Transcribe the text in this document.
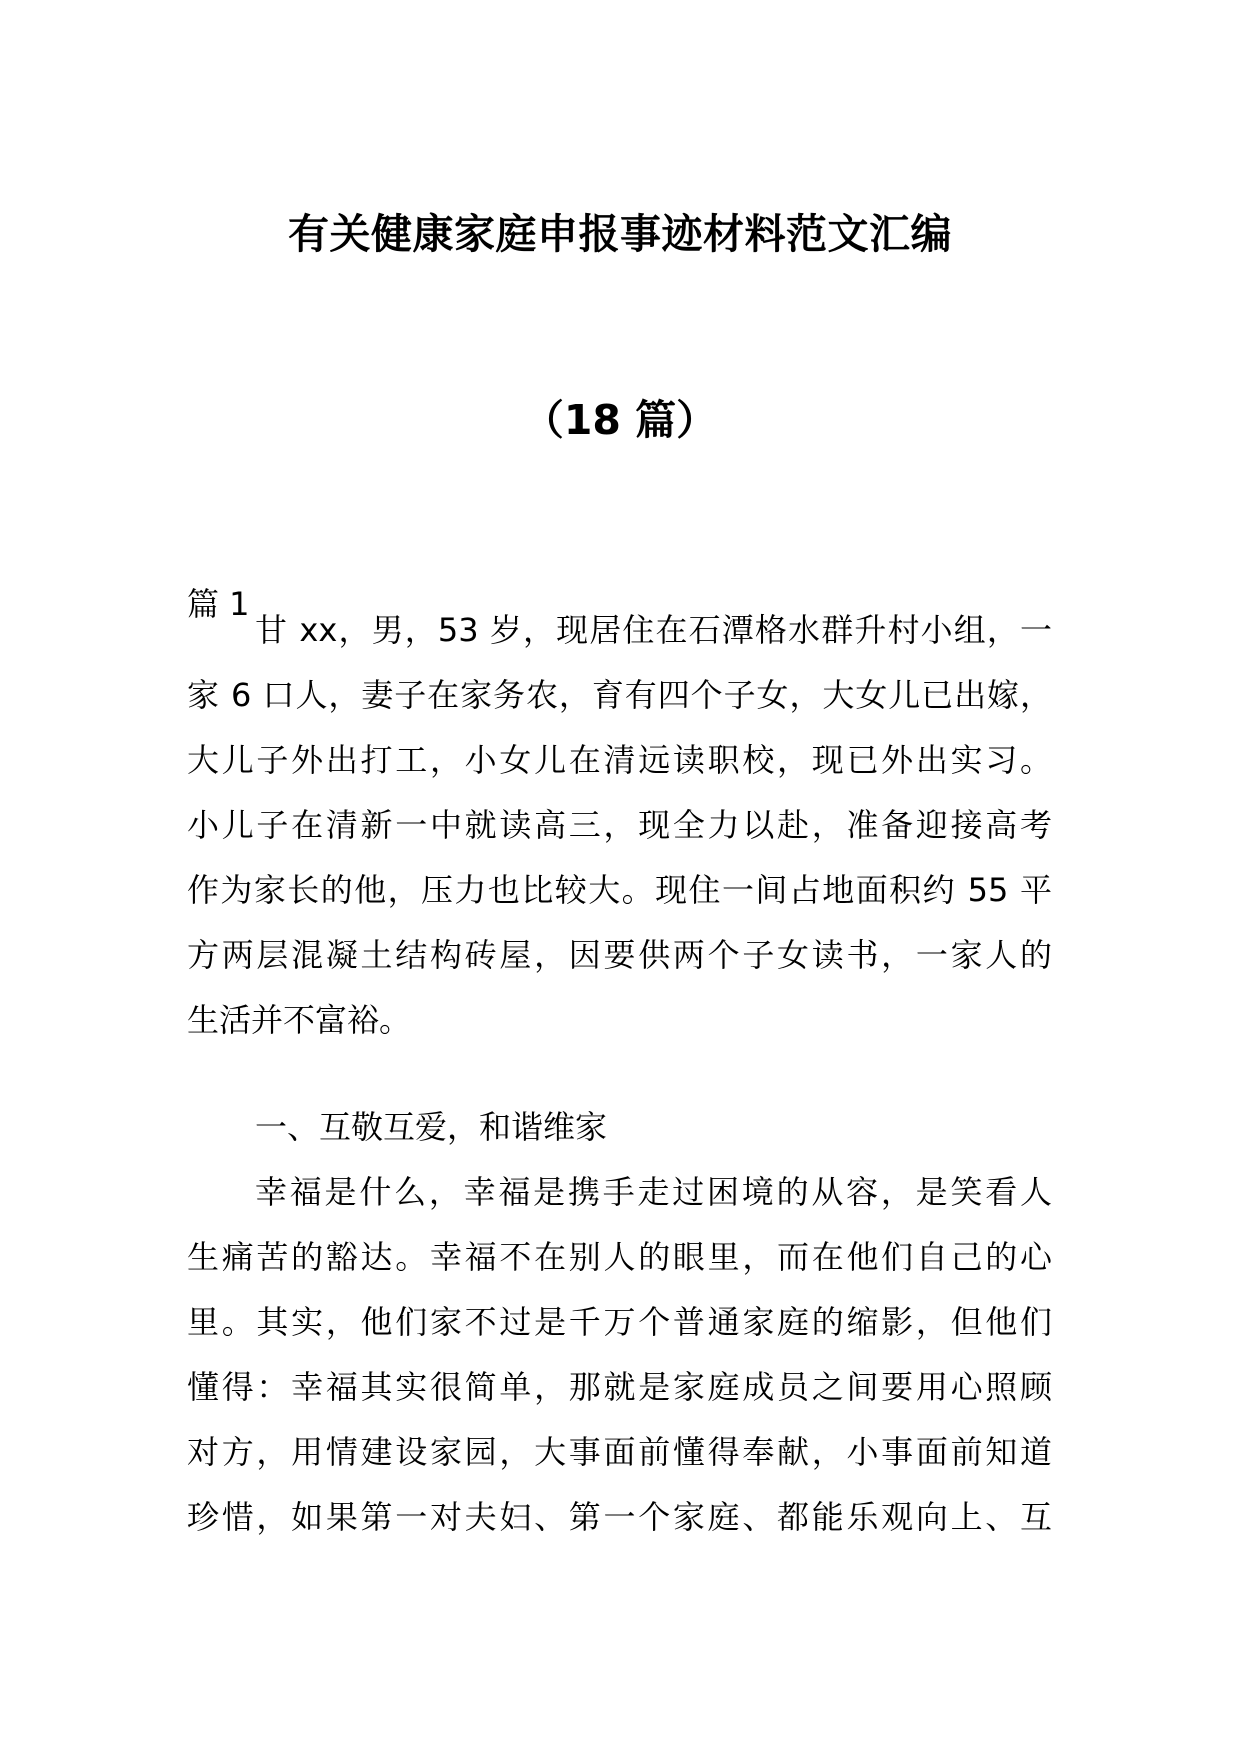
有关健康家庭申报事迹材料范文汇编
（18 篇）
篇 1
甘 xx，男，53 岁，现居住在石潭格水群升村小组，一
家 6 口人，妻子在家务农，育有四个子女，大女儿已出嫁，
大儿子外出打工，小女儿在清远读职校，现已外出实习。
小儿子在清新一中就读高三，现全力以赴，准备迎接高考
作为家长的他，压力也比较大。现住一间占地面积约 55 平
方两层混凝土结构砖屋，因要供两个子女读书，一家人的
生活并不富裕。
一、互敬互爱，和谐维家
幸福是什么，幸福是携手走过困境的从容，是笑看人
生痛苦的豁达。幸福不在别人的眼里，而在他们自己的心
里。其实，他们家不过是千万个普通家庭的缩影，但他们
懂得：幸福其实很简单，那就是家庭成员之间要用心照顾
对方，用情建设家园，大事面前懂得奉献，小事面前知道
珍惜，如果第一对夫妇、第一个家庭、都能乐观向上、互
